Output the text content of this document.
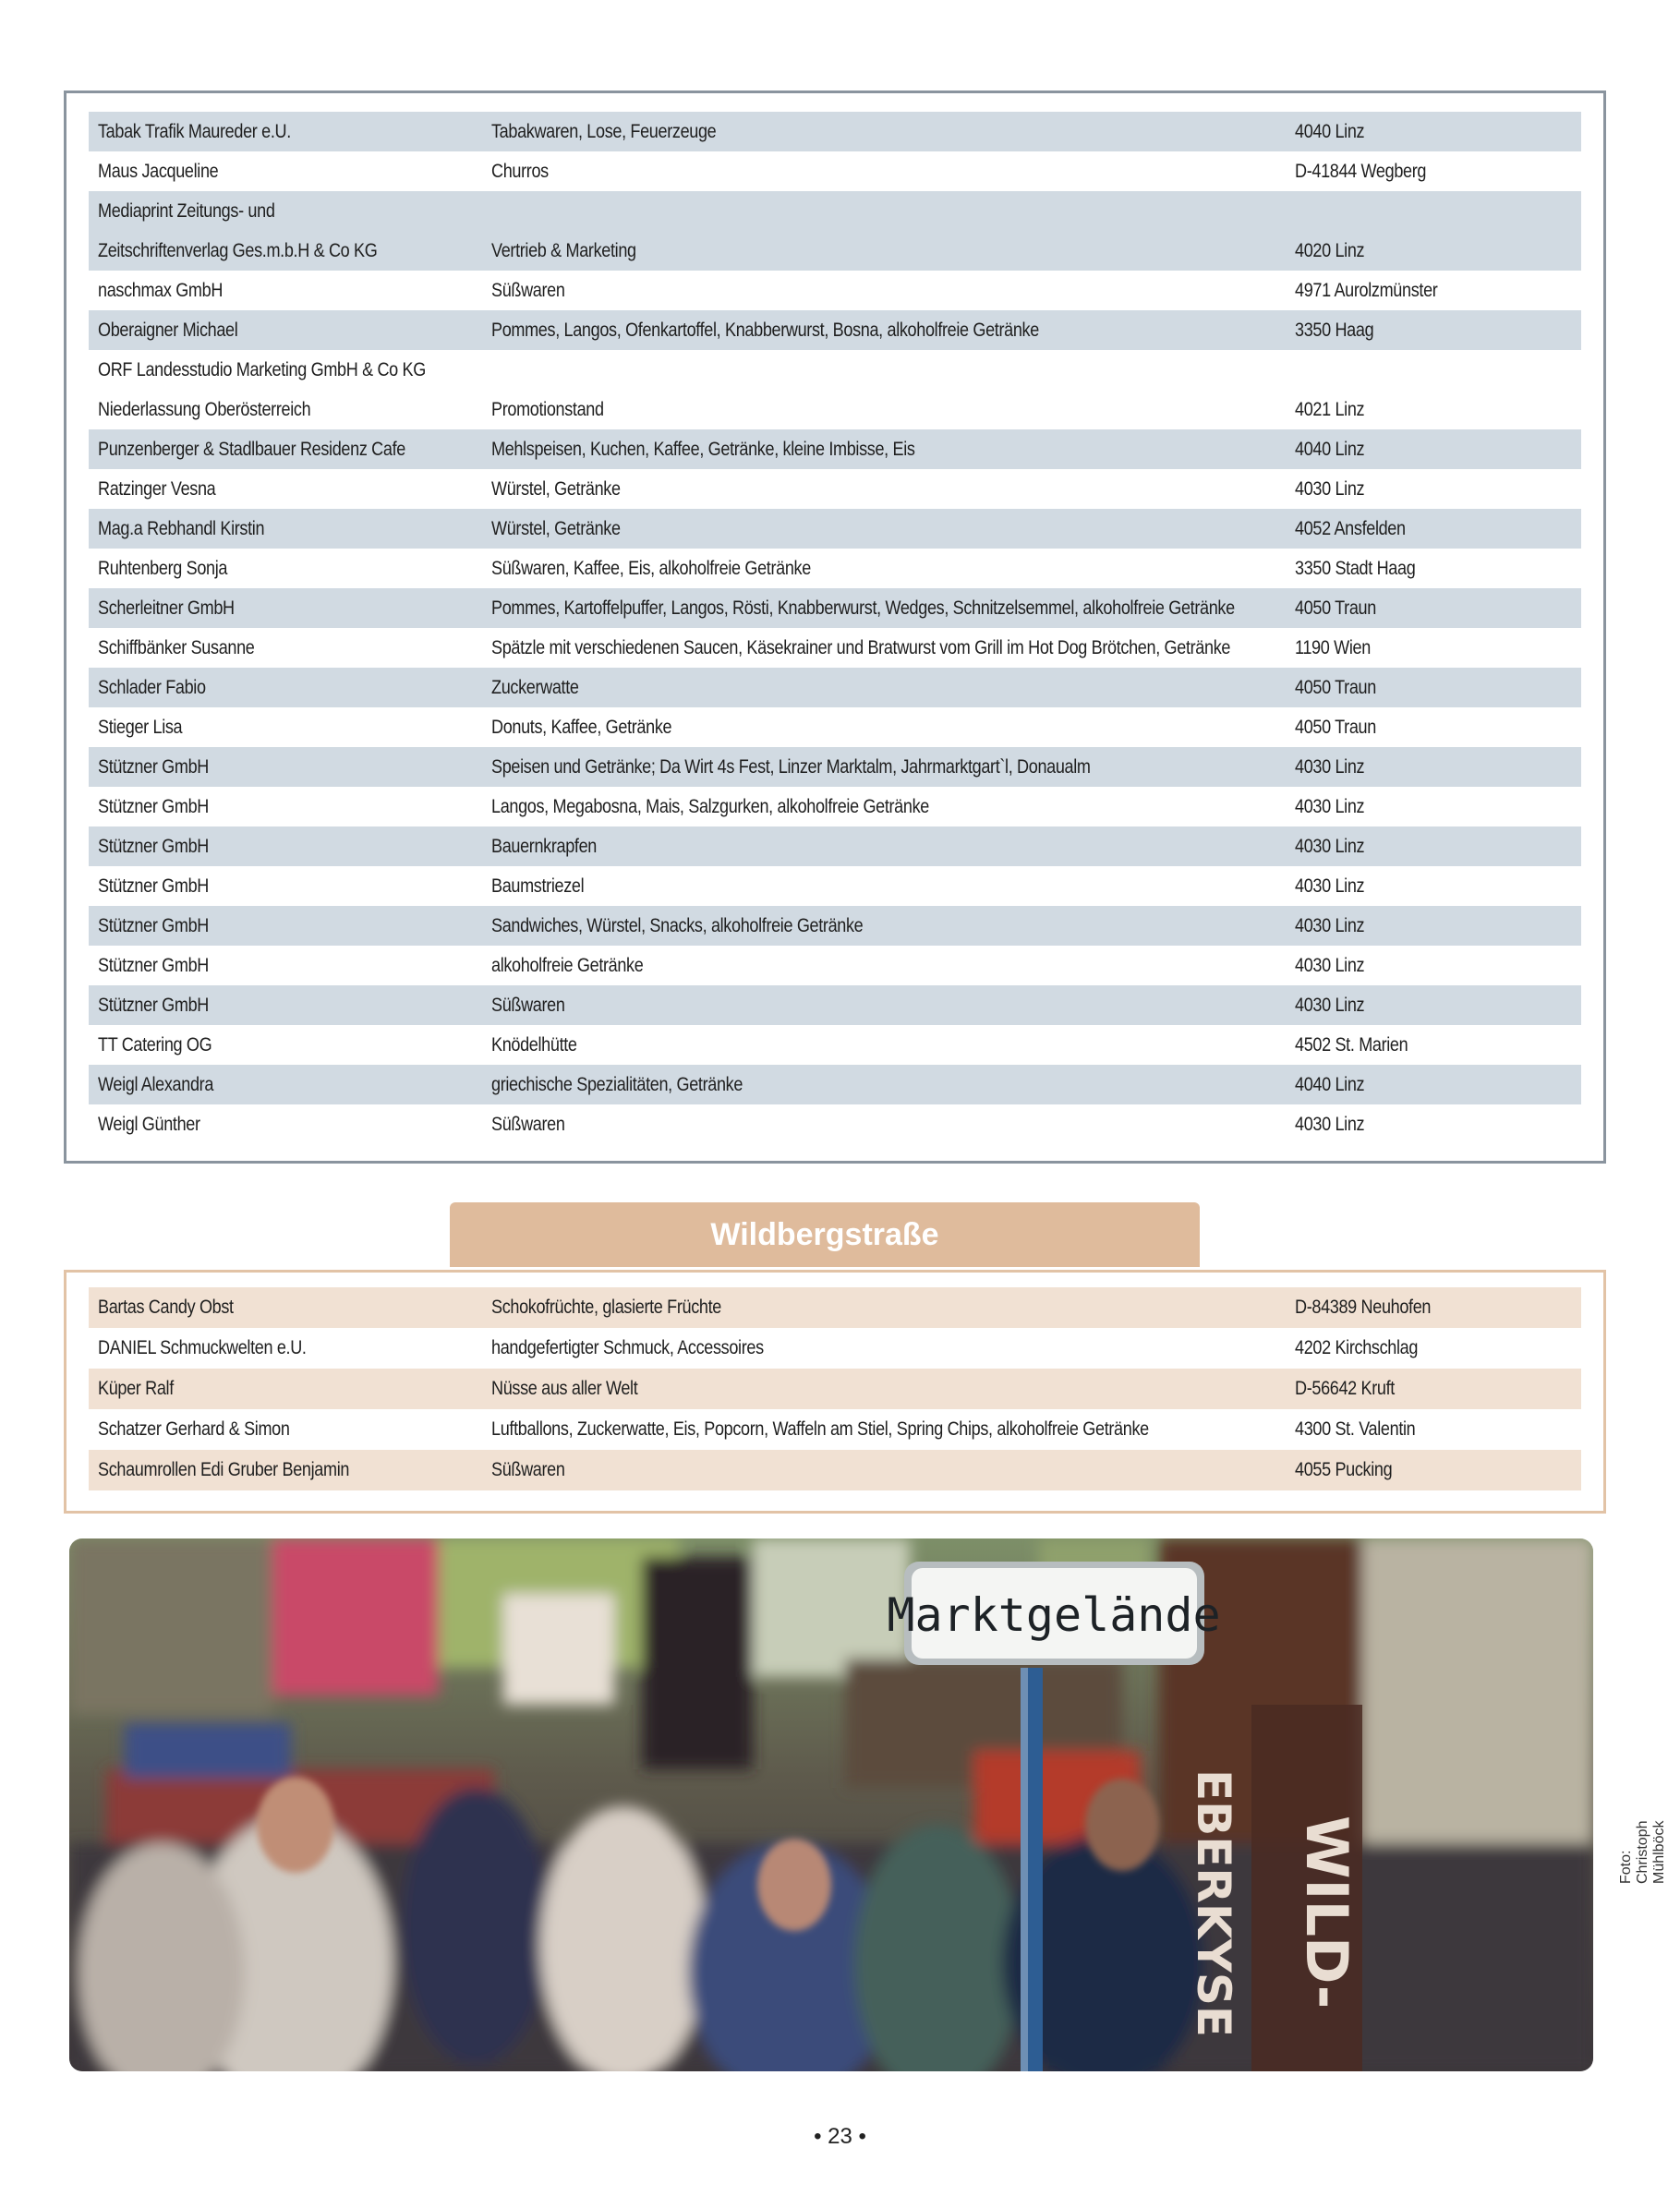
Tabak Trafik Maureder e.U.	Tabakwaren, Lose, Feuerzeuge	4040 Linz
Maus Jacqueline	Churros	D-41844 Wegberg
Mediaprint Zeitungs- und
Zeitschriftenverlag Ges.m.b.H & Co KG	Vertrieb & Marketing	4020 Linz
naschmax GmbH	Süßwaren	4971 Aurolzmünster
Oberaigner Michael	Pommes, Langos, Ofenkartoffel, Knabberwurst, Bosna, alkoholfreie Getränke	3350 Haag
ORF Landesstudio Marketing GmbH & Co KG
Niederlassung Oberösterreich	Promotionstand	4021 Linz
Punzenberger & Stadlbauer Residenz Cafe	Mehlspeisen, Kuchen, Kaffee, Getränke, kleine Imbisse, Eis	4040 Linz
Ratzinger Vesna	Würstel, Getränke	4030 Linz
Mag.a Rebhandl Kirstin	Würstel, Getränke	4052 Ansfelden
Ruhtenberg Sonja	Süßwaren, Kaffee, Eis, alkoholfreie Getränke	3350 Stadt Haag
Scherleitner GmbH	Pommes, Kartoffelpuffer, Langos, Rösti, Knabberwurst, Wedges, Schnitzelsemmel, alkoholfreie Getränke	4050 Traun
Schiffbänker Susanne	Spätzle mit verschiedenen Saucen, Käsekrainer und Bratwurst vom Grill im Hot Dog Brötchen, Getränke	1190 Wien
Schlader Fabio	Zuckerwatte	4050 Traun
Stieger Lisa	Donuts, Kaffee, Getränke	4050 Traun
Stützner GmbH	Speisen und Getränke; Da Wirt 4s Fest, Linzer Marktalm, Jahrmarktgart`l, Donaualm	4030 Linz
Stützner GmbH	Langos, Megabosna, Mais, Salzgurken, alkoholfreie Getränke	4030 Linz
Stützner GmbH	Bauernkrapfen	4030 Linz
Stützner GmbH	Baumstriezel	4030 Linz
Stützner GmbH	Sandwiches, Würstel, Snacks, alkoholfreie Getränke	4030 Linz
Stützner GmbH	alkoholfreie Getränke	4030 Linz
Stützner GmbH	Süßwaren	4030 Linz
TT Catering OG	Knödelhütte	4502 St. Marien
Weigl Alexandra	griechische Spezialitäten, Getränke	4040 Linz
Weigl Günther	Süßwaren	4030 Linz
Wildbergstraße
Bartas Candy Obst	Schokofrüchte, glasierte Früchte	D-84389 Neuhofen
DANIEL Schmuckwelten e.U.	handgefertigter Schmuck, Accessoires	4202 Kirchschlag
Küper Ralf	Nüsse aus aller Welt	D-56642 Kruft
Schatzer Gerhard & Simon	Luftballons, Zuckerwatte, Eis, Popcorn, Waffeln am Stiel, Spring Chips, alkoholfreie Getränke	4300 St. Valentin
Schaumrollen Edi Gruber Benjamin	Süßwaren	4055 Pucking
WILD-
EBERKYSE
Marktgelände
Foto: Christoph Mühlböck
• 23 •
